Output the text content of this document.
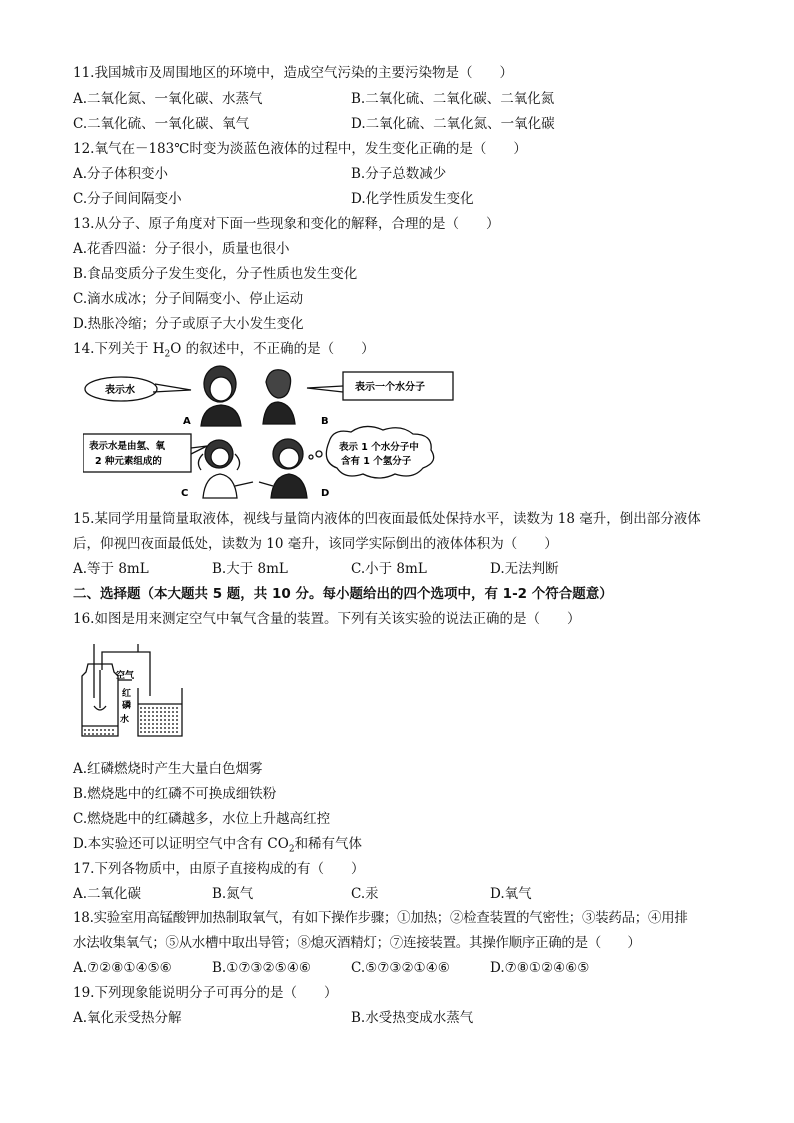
11.我国城市及周围地区的环境中，造成空气污染的主要污染物是（　　）
A.二氧化氮、一氧化碳、水蒸气	B.二氧化硫、二氧化碳、二氧化氮
C.二氧化硫、一氧化碳、氧气	D.二氧化硫、二氧化氮、一氧化碳
12.氧气在－183℃时变为淡蓝色液体的过程中，发生变化正确的是（　　）
A.分子体积变小	B.分子总数减少
C.分子间间隔变小	D.化学性质发生变化
13.从分子、原子角度对下面一些现象和变化的解释，合理的是（　　）
A.花香四溢：分子很小，质量也很小
B.食品变质分子发生变化，分子性质也发生变化
C.滴水成冰；分子间隔变小、停止运动
D.热胀冷缩；分子或原子大小发生变化
14.下列关于 $H_2O$ 的叙述中，不正确的是（　　）
表示水	表示一个水分子
表示水是由氢、氧
2 种元素组成的
表示 1 个水分子中
含有 1 个氢分子
A	B
C	D
15.某同学用量筒量取液体，视线与量筒内液体的凹夜面最低处保持水平，读数为 18 毫升，倒出部分液体
后，仰视凹夜面最低处，读数为 10 毫升，该同学实际倒出的液体体积为（　　）
A.等于 8mL	B.大于 8mL	C.小于 8mL	D.无法判断
二、选择题（本大题共 5 题，共 10 分。每小题给出的四个选项中，有 1-2 个符合题意）
16.如图是用来测定空气中氧气含量的装置。下列有关该实验的说法正确的是（　　）
空气
红
磷
水
A.红磷燃烧时产生大量白色烟雾
B.燃烧匙中的红磷不可换成细铁粉
C.燃烧匙中的红磷越多，水位上升越高红控
D.本实验还可以证明空气中含有 $CO_2$和稀有气体
17.下列各物质中，由原子直接构成的有（　　）
A.二氧化碳	B.氮气	C.汞	D.氧气
18.实验室用高锰酸钾加热制取氧气，有如下操作步骤；①加热；②检查装置的气密性；③装药品；④用排
水法收集氧气；⑤从水槽中取出导管；⑧熄灭酒精灯；⑦连接装置。其操作顺序正确的是（　　）
A.⑦②⑧①④⑤⑥	B.①⑦③②⑤④⑥	C.⑤⑦③②①④⑥	D.⑦⑧①②④⑥⑤
19.下列现象能说明分子可再分的是（　　）
A.氧化汞受热分解	B.水受热变成水蒸气
